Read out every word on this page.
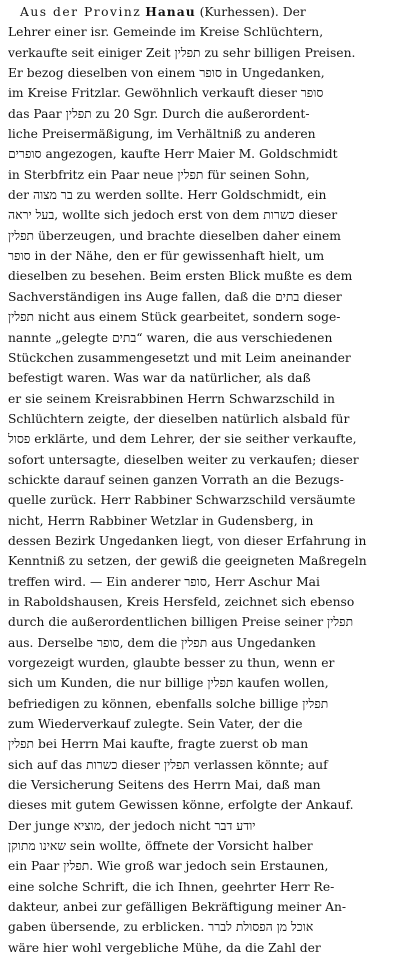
Aus der Provinz Hanau (Kurhessen). Der
Lehrer einer isr. Gemeinde im Kreise Schlüchtern,
verkaufte seit einiger Zeit תפלין zu sehr billigen Preisen.
Er bezog dieselben von einem סופר in Ungedanken,
im Kreise Fritzlar. Gewöhnlich verkauft dieser סופר
das Paar תפלין zu 20 Sgr. Durch die außerordent-
liche Preisermäßigung, im Verhältniß zu anderen
סופרים angezogen, kaufte Herr Maier M. Goldschmidt
in Sterbfritz ein Paar neue תפלין für seinen Sohn,
der בר מצוה zu werden sollte. Herr Goldschmidt, ein
בעל יראה, wollte sich jedoch erst von dem כשרות dieser
תפלין überzeugen, und brachte dieselben daher einem
סופר in der Nähe, den er für gewissenhaft hielt, um
dieselben zu besehen. Beim ersten Blick mußte es dem
Sachverständigen ins Auge fallen, daß die בתים dieser
תפלין nicht aus einem Stück gearbeitet, sondern soge-
nannte „gelegte בתים“ waren, die aus verschiedenen
Stückchen zusammengesetzt und mit Leim aneinander
befestigt waren. Was war da natürlicher, als daß
er sie seinem Kreisrabbinen Herrn Schwarzschild in
Schlüchtern zeigte, der dieselben natürlich alsbald für
פסול erklärte, und dem Lehrer, der sie seither verkaufte,
sofort untersagte, dieselben weiter zu verkaufen; dieser
schickte darauf seinen ganzen Vorrath an die Bezugs-
quelle zurück. Herr Rabbiner Schwarzschild versäumte
nicht, Herrn Rabbiner Wetzlar in Gudensberg, in
dessen Bezirk Ungedanken liegt, von dieser Erfahrung in
Kenntniß zu setzen, der gewiß die geeigneten Maßregeln
treffen wird. — Ein anderer סופר, Herr Aschur Mai
in Raboldshausen, Kreis Hersfeld, zeichnet sich ebenso
durch die außerordentlichen billigen Preise seiner תפלין
aus. Derselbe סופר, dem die תפלין aus Ungedanken
vorgezeigt wurden, glaubte besser zu thun, wenn er
sich um Kunden, die nur billige תפלין kaufen wollen,
befriedigen zu können, ebenfalls solche billige תפלין
zum Wiederverkauf zulegte. Sein Vater, der die
תפלין bei Herrn Mai kaufte, fragte zuerst ob man
sich auf das כשרות dieser תפלין verlassen könnte; auf
die Versicherung Seitens des Herrn Mai, daß man
dieses mit gutem Gewissen könne, erfolgte der Ankauf.
Der junge מוציא, der jedoch nicht יודע דבר
שאינו מתוקן sein wollte, öffnete der Vorsicht halber
ein Paar תפלין. Wie groß war jedoch sein Erstaunen,
eine solche Schrift, die ich Ihnen, geehrter Herr Re-
dakteur, anbei zur gefälligen Bekräftigung meiner An-
gaben übersende, zu erblicken. אוכל מן הפסולת לברר
wäre hier wohl vergebliche Mühe, da die Zahl der
